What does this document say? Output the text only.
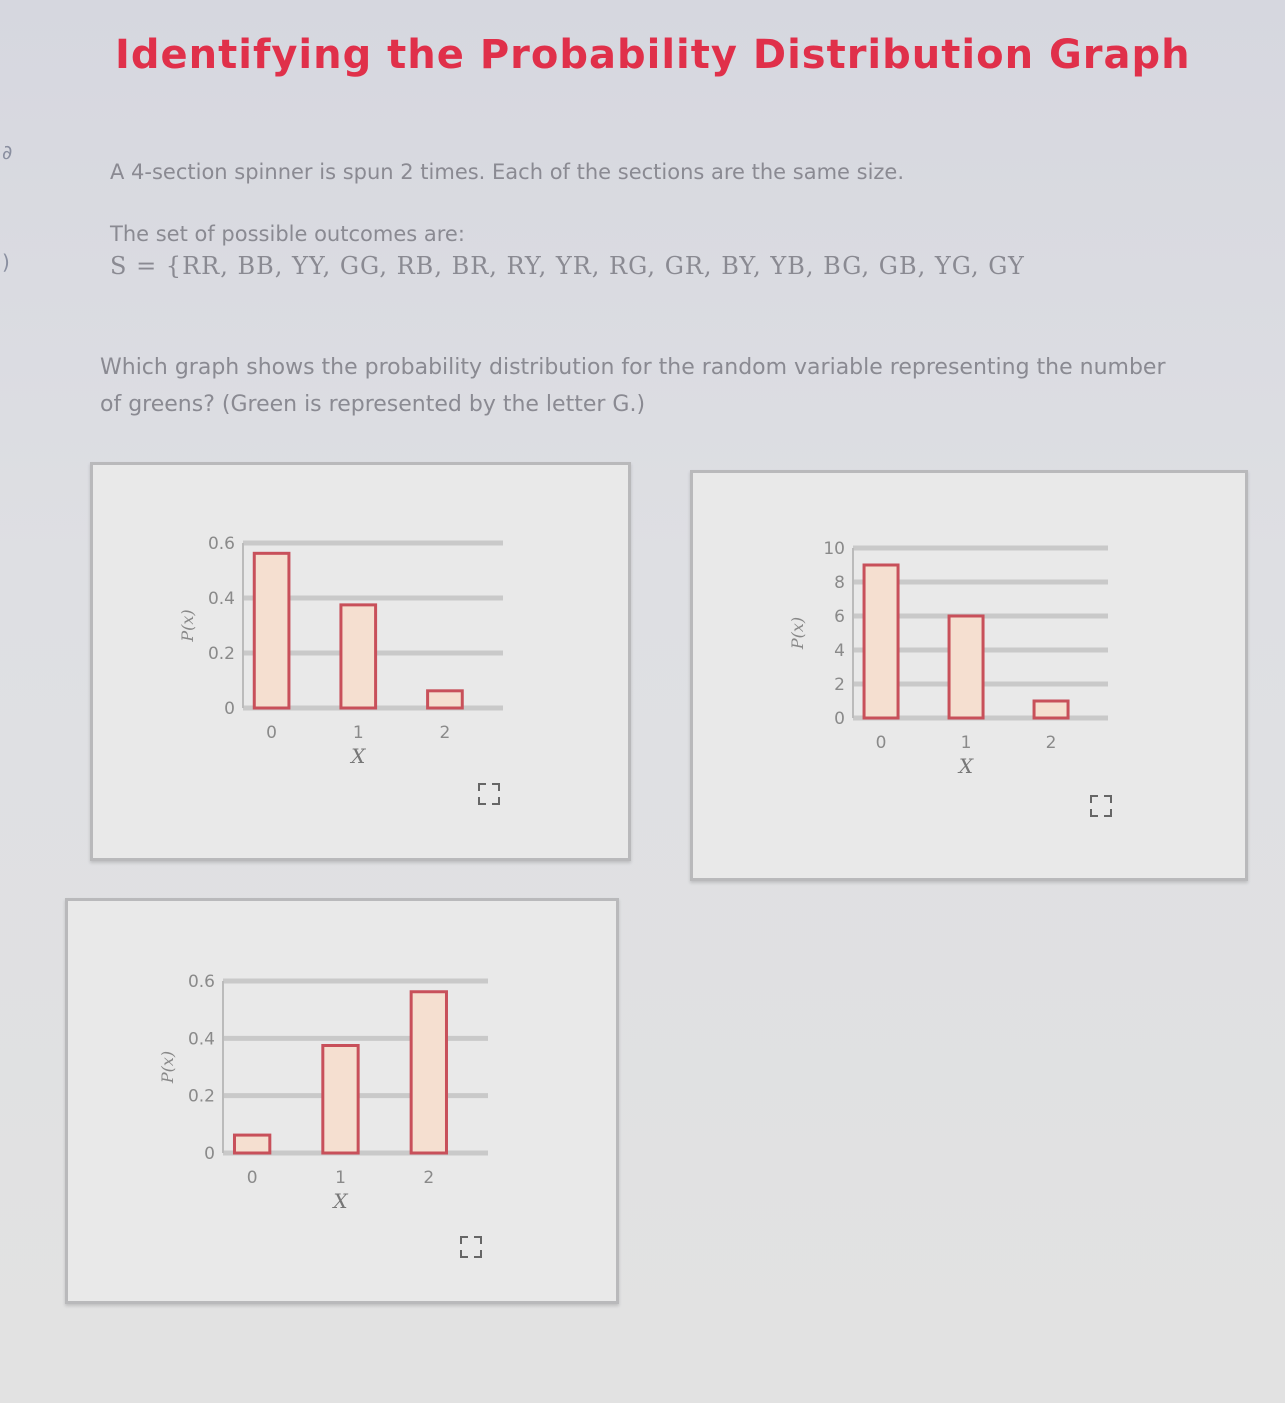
Identifying the Probability Distribution Graph
∂
)
A 4-section spinner is spun 2 times. Each of the sections are the same size.
The set of possible outcomes are:
S = {RR, BB, YY, GG, RB, BR, RY, YR, RG, GR, BY, YB, BG, GB, YG, GY
Which graph shows the probability distribution for the random variable representing the number
of greens? (Green is represented by the letter G.)
0
0.2
0.4
0.6
0	1	2
X
P(x)
0
2
4
6
8
10
0	1	2
X
P(x)
0
0.2
0.4
0.6
0	1	2
X
P(x)
